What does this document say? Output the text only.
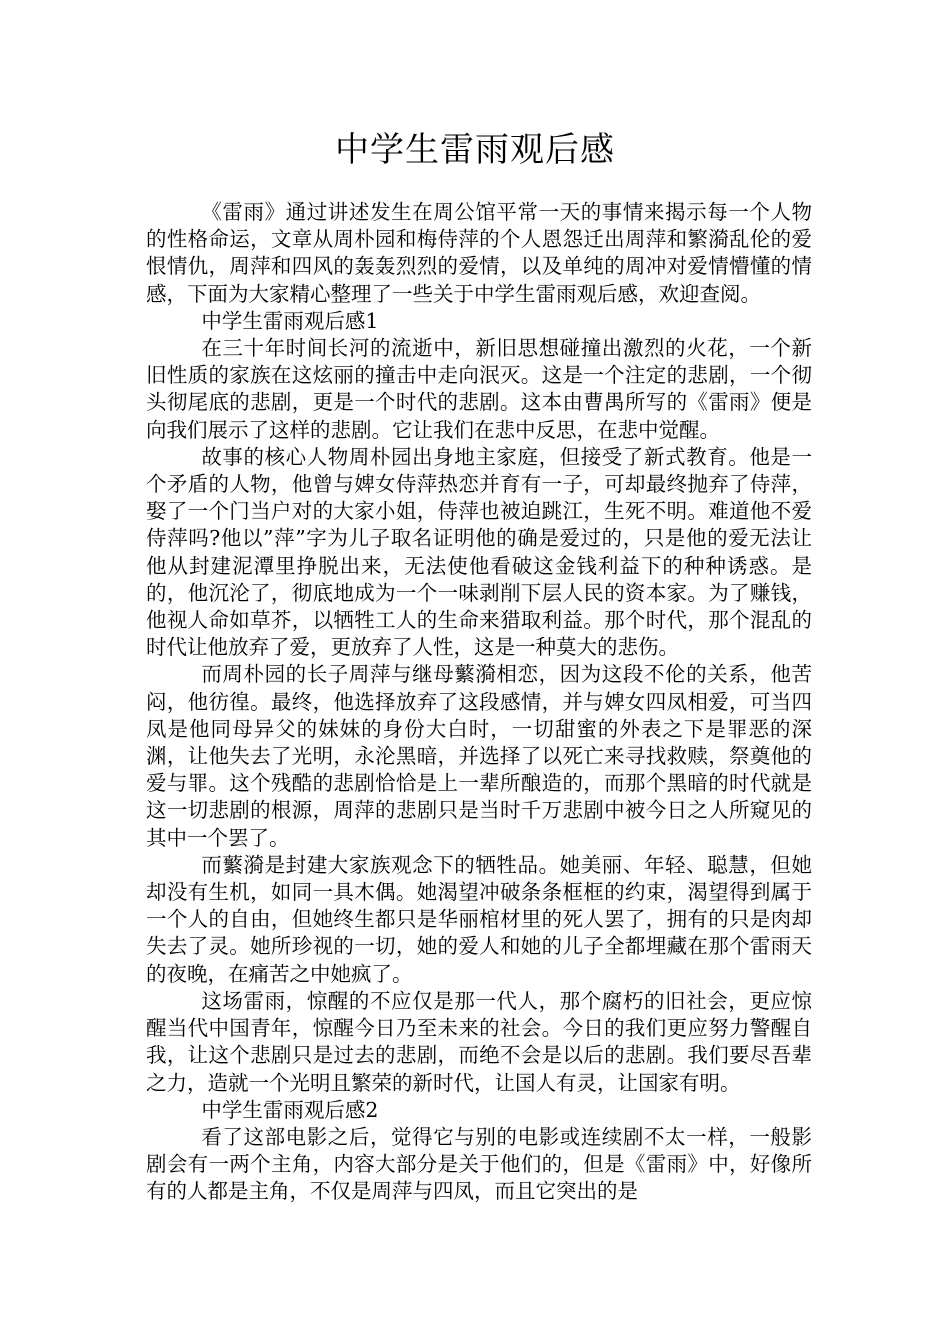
中学生雷雨观后感

《雷雨》通过讲述发生在周公馆平常一天的事情来揭示每一个人物的性格命运，文章从周朴园和梅侍萍的个人恩怨迁出周萍和繁漪乱伦的爱恨情仇，周萍和四风的轰轰烈烈的爱情，以及单纯的周冲对爱情懵懂的情感，下面为大家精心整理了一些关于中学生雷雨观后感，欢迎查阅。

中学生雷雨观后感1

在三十年时间长河的流逝中，新旧思想碰撞出激烈的火花，一个新旧性质的家族在这炫丽的撞击中走向泯灭。这是一个注定的悲剧，一个彻头彻尾底的悲剧，更是一个时代的悲剧。这本由曹禺所写的《雷雨》便是向我们展示了这样的悲剧。它让我们在悲中反思，在悲中觉醒。

故事的核心人物周朴园出身地主家庭，但接受了新式教育。他是一个矛盾的人物，他曾与婢女侍萍热恋并育有一子，可却最终抛弃了侍萍，娶了一个门当户对的大家小姐，侍萍也被迫跳江，生死不明。难道他不爱侍萍吗?他以”萍”字为儿子取名证明他的确是爱过的，只是他的爱无法让他从封建泥潭里挣脱出来，无法使他看破这金钱利益下的种种诱惑。是的，他沉沦了，彻底地成为一个一味剥削下层人民的资本家。为了赚钱，他视人命如草芥，以牺牲工人的生命来猎取利益。那个时代，那个混乱的时代让他放弃了爱，更放弃了人性，这是一种莫大的悲伤。

而周朴园的长子周萍与继母蘩漪相恋，因为这段不伦的关系，他苦闷，他彷徨。最终，他选择放弃了这段感情，并与婢女四凤相爱，可当四凤是他同母异父的妹妹的身份大白时，一切甜蜜的外表之下是罪恶的深渊，让他失去了光明，永沦黑暗，并选择了以死亡来寻找救赎，祭奠他的爱与罪。这个残酷的悲剧恰恰是上一辈所酿造的，而那个黑暗的时代就是这一切悲剧的根源，周萍的悲剧只是当时千万悲剧中被今日之人所窥见的其中一个罢了。

而蘩漪是封建大家族观念下的牺牲品。她美丽、年轻、聪慧，但她却没有生机，如同一具木偶。她渴望冲破条条框框的约束，渴望得到属于一个人的自由，但她终生都只是华丽棺材里的死人罢了，拥有的只是肉却失去了灵。她所珍视的一切，她的爱人和她的儿子全都埋藏在那个雷雨天的夜晚，在痛苦之中她疯了。

这场雷雨，惊醒的不应仅是那一代人，那个腐朽的旧社会，更应惊醒当代中国青年，惊醒今日乃至未来的社会。今日的我们更应努力警醒自我，让这个悲剧只是过去的悲剧，而绝不会是以后的悲剧。我们要尽吾辈之力，造就一个光明且繁荣的新时代，让国人有灵，让国家有明。

中学生雷雨观后感2

看了这部电影之后，觉得它与别的电影或连续剧不太一样，一般影剧会有一两个主角，内容大部分是关于他们的，但是《雷雨》中，好像所有的人都是主角，不仅是周萍与四凤，而且它突出的是
